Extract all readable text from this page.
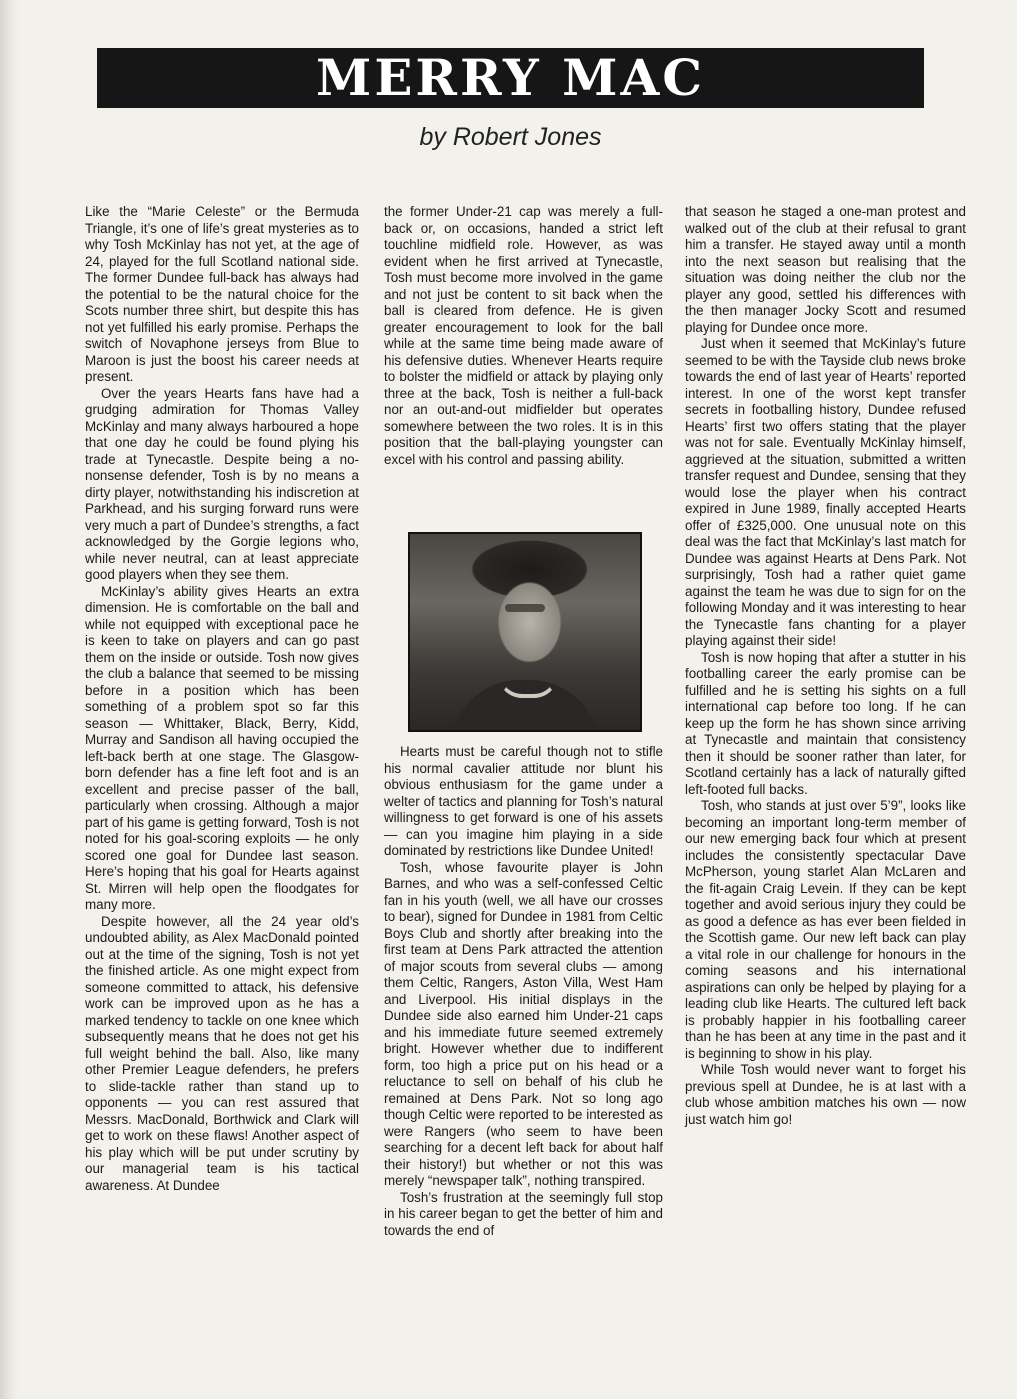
MERRY MAC
by Robert Jones

Like the “Marie Celeste” or the Bermuda Triangle, it’s one of life’s great mysteries as to why Tosh McKinlay has not yet, at the age of 24, played for the full Scotland national side. The former Dundee full-back has always had the potential to be the natural choice for the Scots number three shirt, but despite this has not yet fulfilled his early promise. Perhaps the switch of Novaphone jerseys from Blue to Maroon is just the boost his career needs at present.

Over the years Hearts fans have had a grudging admiration for Thomas Valley McKinlay and many always harboured a hope that one day he could be found plying his trade at Tynecastle. Despite being a no-nonsense defender, Tosh is by no means a dirty player, notwithstanding his indiscretion at Parkhead, and his surging forward runs were very much a part of Dundee’s strengths, a fact acknowledged by the Gorgie legions who, while never neutral, can at least appreciate good players when they see them.

McKinlay’s ability gives Hearts an extra dimension. He is comfortable on the ball and while not equipped with exceptional pace he is keen to take on players and can go past them on the inside or outside. Tosh now gives the club a balance that seemed to be missing before in a position which has been something of a problem spot so far this season — Whittaker, Black, Berry, Kidd, Murray and Sandison all having occupied the left-back berth at one stage. The Glasgow-born defender has a fine left foot and is an excellent and precise passer of the ball, particularly when crossing. Although a major part of his game is getting forward, Tosh is not noted for his goal-scoring exploits — he only scored one goal for Dundee last season. Here’s hoping that his goal for Hearts against St. Mirren will help open the floodgates for many more.

Despite however, all the 24 year old’s undoubted ability, as Alex MacDonald pointed out at the time of the signing, Tosh is not yet the finished article. As one might expect from someone committed to attack, his defensive work can be improved upon as he has a marked tendency to tackle on one knee which subsequently means that he does not get his full weight behind the ball. Also, like many other Premier League defenders, he prefers to slide-tackle rather than stand up to opponents — you can rest assured that Messrs. MacDonald, Borthwick and Clark will get to work on these flaws! Another aspect of his play which will be put under scrutiny by our managerial team is his tactical awareness. At Dundee

the former Under-21 cap was merely a full-back or, on occasions, handed a strict left touchline midfield role. However, as was evident when he first arrived at Tynecastle, Tosh must become more involved in the game and not just be content to sit back when the ball is cleared from defence. He is given greater encouragement to look for the ball while at the same time being made aware of his defensive duties. Whenever Hearts require to bolster the midfield or attack by playing only three at the back, Tosh is neither a full-back nor an out-and-out midfielder but operates somewhere between the two roles. It is in this position that the ball-playing youngster can excel with his control and passing ability.

Hearts must be careful though not to stifle his normal cavalier attitude nor blunt his obvious enthusiasm for the game under a welter of tactics and planning for Tosh’s natural willingness to get forward is one of his assets — can you imagine him playing in a side dominated by restrictions like Dundee United!

Tosh, whose favourite player is John Barnes, and who was a self-confessed Celtic fan in his youth (well, we all have our crosses to bear), signed for Dundee in 1981 from Celtic Boys Club and shortly after breaking into the first team at Dens Park attracted the attention of major scouts from several clubs — among them Celtic, Rangers, Aston Villa, West Ham and Liverpool. His initial displays in the Dundee side also earned him Under-21 caps and his immediate future seemed extremely bright. However whether due to indifferent form, too high a price put on his head or a reluctance to sell on behalf of his club he remained at Dens Park. Not so long ago though Celtic were reported to be interested as were Rangers (who seem to have been searching for a decent left back for about half their history!) but whether or not this was merely “newspaper talk”, nothing transpired.

Tosh’s frustration at the seemingly full stop in his career began to get the better of him and towards the end of

that season he staged a one-man protest and walked out of the club at their refusal to grant him a transfer. He stayed away until a month into the next season but realising that the situation was doing neither the club nor the player any good, settled his differences with the then manager Jocky Scott and resumed playing for Dundee once more.

Just when it seemed that McKinlay’s future seemed to be with the Tayside club news broke towards the end of last year of Hearts’ reported interest. In one of the worst kept transfer secrets in footballing history, Dundee refused Hearts’ first two offers stating that the player was not for sale. Eventually McKinlay himself, aggrieved at the situation, submitted a written transfer request and Dundee, sensing that they would lose the player when his contract expired in June 1989, finally accepted Hearts offer of £325,000. One unusual note on this deal was the fact that McKinlay’s last match for Dundee was against Hearts at Dens Park. Not surprisingly, Tosh had a rather quiet game against the team he was due to sign for on the following Monday and it was interesting to hear the Tynecastle fans chanting for a player playing against their side!

Tosh is now hoping that after a stutter in his footballing career the early promise can be fulfilled and he is setting his sights on a full international cap before too long. If he can keep up the form he has shown since arriving at Tynecastle and maintain that consistency then it should be sooner rather than later, for Scotland certainly has a lack of naturally gifted left-footed full backs.

Tosh, who stands at just over 5’9”, looks like becoming an important long-term member of our new emerging back four which at present includes the consistently spectacular Dave McPherson, young starlet Alan McLaren and the fit-again Craig Levein. If they can be kept together and avoid serious injury they could be as good a defence as has ever been fielded in the Scottish game. Our new left back can play a vital role in our challenge for honours in the coming seasons and his international aspirations can only be helped by playing for a leading club like Hearts. The cultured left back is probably happier in his footballing career than he has been at any time in the past and it is beginning to show in his play.

While Tosh would never want to forget his previous spell at Dundee, he is at last with a club whose ambition matches his own — now just watch him go!
